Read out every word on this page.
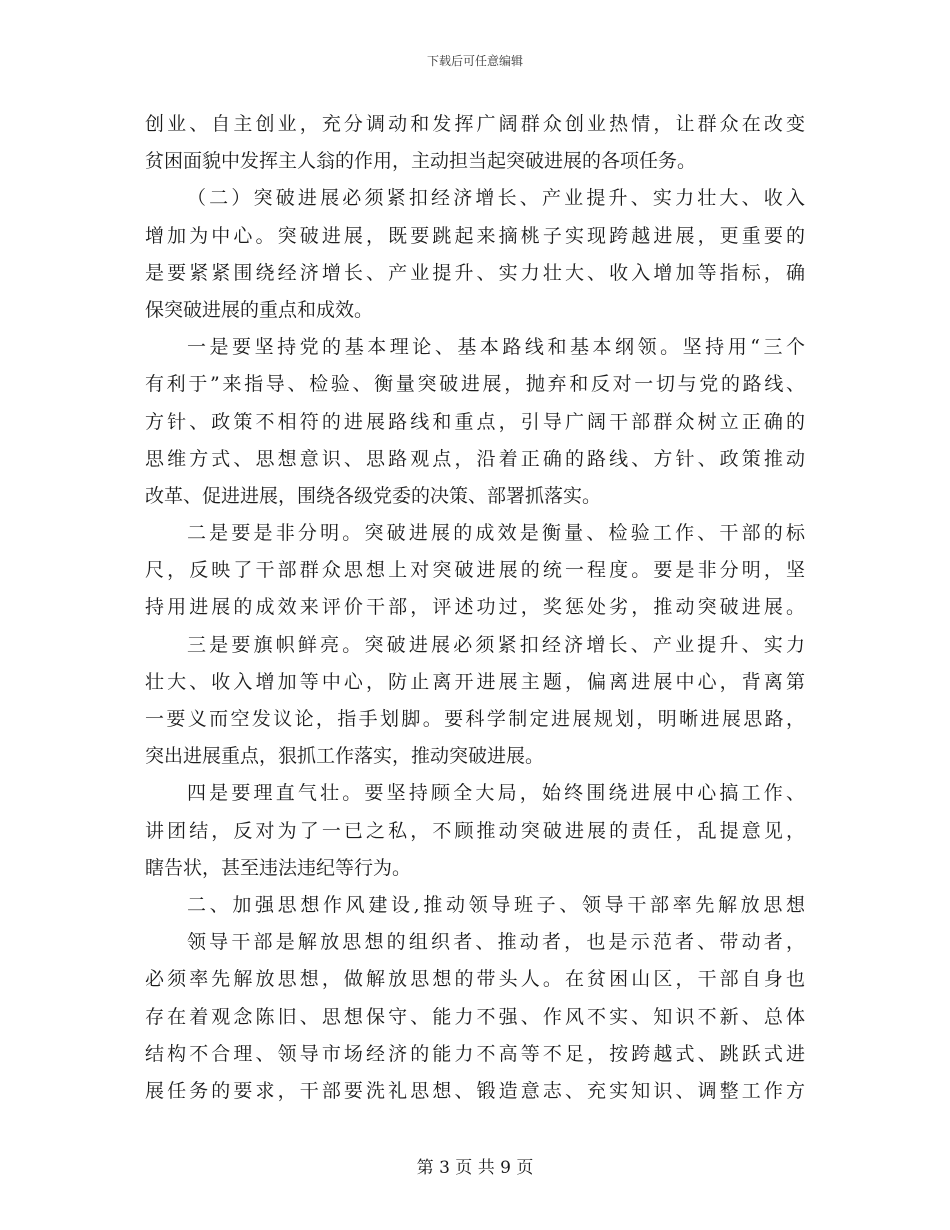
下载后可任意编辑
创业、自主创业，充分调动和发挥广阔群众创业热情，让群众在改变
贫困面貌中发挥主人翁的作用，主动担当起突破进展的各项任务。
（二）突破进展必须紧扣经济增长、产业提升、实力壮大、收入
增加为中心。突破进展，既要跳起来摘桃子实现跨越进展，更重要的
是要紧紧围绕经济增长、产业提升、实力壮大、收入增加等指标，确
保突破进展的重点和成效。
一是要坚持党的基本理论、基本路线和基本纲领。坚持用“三个
有利于”来指导、检验、衡量突破进展，抛弃和反对一切与党的路线、
方针、政策不相符的进展路线和重点，引导广阔干部群众树立正确的
思维方式、思想意识、思路观点，沿着正确的路线、方针、政策推动
改革、促进进展，围绕各级党委的决策、部署抓落实。
二是要是非分明。突破进展的成效是衡量、检验工作、干部的标
尺，反映了干部群众思想上对突破进展的统一程度。要是非分明，坚
持用进展的成效来评价干部，评述功过，奖惩处劣，推动突破进展。
三是要旗帜鲜亮。突破进展必须紧扣经济增长、产业提升、实力
壮大、收入增加等中心，防止离开进展主题，偏离进展中心，背离第
一要义而空发议论，指手划脚。要科学制定进展规划，明晰进展思路，
突出进展重点，狠抓工作落实，推动突破进展。
四是要理直气壮。要坚持顾全大局，始终围绕进展中心搞工作、
讲团结，反对为了一已之私，不顾推动突破进展的责任，乱提意见，
瞎告状，甚至违法违纪等行为。
二、加强思想作风建设,推动领导班子、领导干部率先解放思想
领导干部是解放思想的组织者、推动者，也是示范者、带动者，
必须率先解放思想，做解放思想的带头人。在贫困山区，干部自身也
存在着观念陈旧、思想保守、能力不强、作风不实、知识不新、总体
结构不合理、领导市场经济的能力不高等不足，按跨越式、跳跃式进
展任务的要求，干部要洗礼思想、锻造意志、充实知识、调整工作方
第 3 页 共 9 页
